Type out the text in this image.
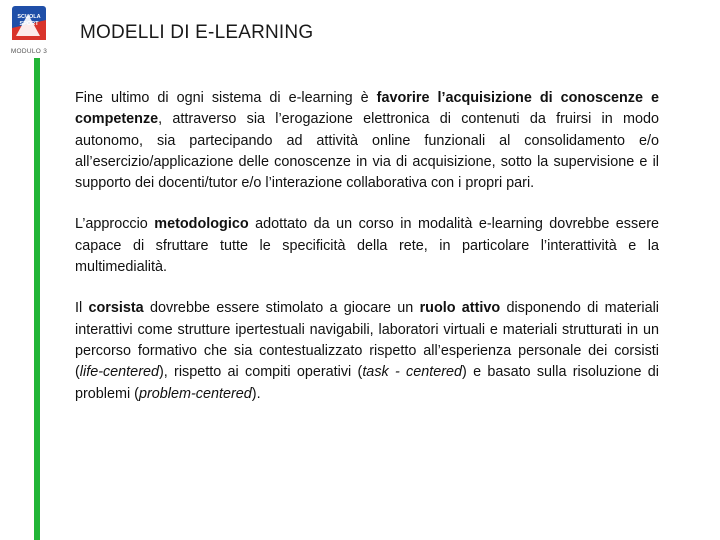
SCUOLA
SPORT
MODULO 3
MODELLI DI E-LEARNING

Fine ultimo di ogni sistema di e-learning è favorire l’acquisizione di conoscenze e competenze, attraverso sia l’erogazione elettronica di contenuti da fruirsi in modo autonomo, sia partecipando ad attività online funzionali al consolidamento e/o all’esercizio/applicazione delle conoscenze in via di acquisizione, sotto la supervisione e il supporto dei docenti/tutor e/o l’interazione collaborativa con i propri pari.

L’approccio metodologico adottato da un corso in modalità e-learning dovrebbe essere capace di sfruttare tutte le specificità della rete, in particolare l’interattività e la multimedialità.

Il corsista dovrebbe essere stimolato a giocare un ruolo attivo disponendo di materiali interattivi come strutture ipertestuali navigabili, laboratori virtuali e materiali strutturati in un percorso formativo che sia contestualizzato rispetto all’esperienza personale dei corsisti (life-centered), rispetto ai compiti operativi (task - centered) e basato sulla risoluzione di problemi (problem-centered).
